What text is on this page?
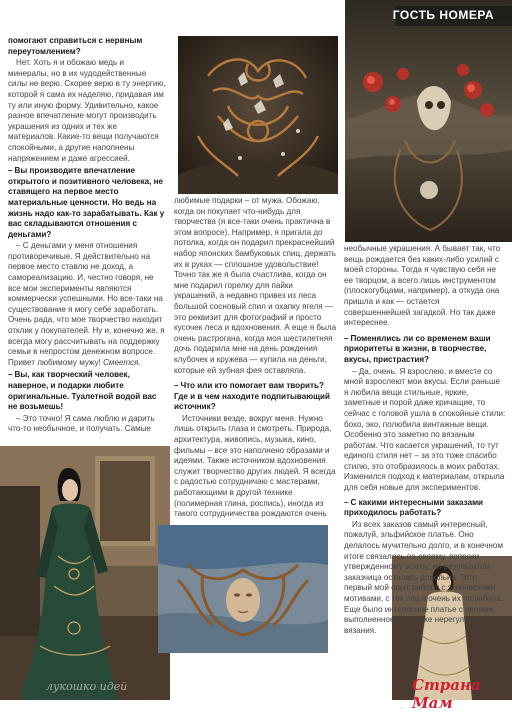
ГОСТЬ НОМЕРА

помогают справиться с нервным переутомлением?

Нет. Хоть я и обожаю медь и минералы, но в их чудодейственные силы не верю. Скорее верю в ту энергию, которой я сама их наделяю, придавая им ту или иную форму. Удивительно, какое разное впечатление могут производить украшения из одних и тех же материалов. Какие-то вещи получаются спокойными, а другие наполнены напряжением и даже агрессией.

– Вы производите впечатление открытого и позитивного человека, не ставящего на первое место материальные ценности. Но ведь на жизнь надо как-то зарабатывать. Как у вас складываются отношения с деньгами?

– С деньгами у меня отношения противоречивые. Я действительно на первое место ставлю не доход, а самореализацию. И, честно говоря, не все мои эксперименты являются коммерчески успешными. Но все-таки на существование я могу себе заработать. Очень рада, что мое творчество находит отклик у покупателей. Ну и, конечно же, я всегда могу рассчитывать на поддержку семьи в непростом денежном вопросе. Привет любимому мужу! Смеется.

– Вы, как творческий человек, наверное, и подарки любите оригинальные. Туалетной водой вас не возьмешь!

– Это точно! Я сама люблю и дарить что-то необычное, и получать. Самые

любимые подарки – от мужа. Обожаю, когда он покупает что-нибудь для творчества (я все-таки очень практична в этом вопросе). Например, я пригала до потолка, когда он подарил прекраснейший набор японских бамбуковых спиц, держать их в руках — сплошное удовольствие! Точно так же я была счастлива, когда он мне подарил горелку для пайки украшений, а недавно привез из леса большой сосновый спил и охапку ягеля — это реквизит для фотографий и просто кусочек леса и вдохновения. А еще я была очень растрогана, когда моя шестилетняя дочь подарила мне на день рождения клубочек и кружева — купила на деньги, которые ей зубная фея оставляла.

– Что или кто помогает вам творить? Где и в чем находите подпитывающий источник?

Источники везде, вокруг меня. Нужно лишь открыть глаза и смотреть. Природа, архитектура, живопись, музыка, кино, фильмы – все это наполнено образами и идеями. Также источником вдохновения служит творчество других людей. Я всегда с радостью сотрудничаю с мастерами, работающими в другой технике (полимерная глина, роспись), иногда из такого сотрудничества рождаются очень

необычные украшения. А бывает так, что вещь рождается без каких-либо усилий с моей стороны. Тогда я чувствую себя не ее творцом, а всего лишь инструментом (плоскогубцами, например), а откуда она пришла и как — остается совершеннейшей загадкой. Но так даже интереснее.

– Поменялись ли со временем ваши приоритеты в жизни, в творчестве, вкусы, пристрастия?

– Да, очень. Я взрослею, и вместе со мной взрослеют мои вкусы. Если раньше я любила вещи стильные, яркие, заметные и порой даже кричащие, то сейчас с головой ушла в спокойные стили: бохо, эко, полюбила винтажные вещи. Особенно это заметно по вязаным работам. Что касается украшений, то тут единого стиля нет – за это тоже спасибо стилю, это отобразилось в моих работах. Изменился подход к материалам, открыла для себя новые для экспериментов.

– С какими интересными заказами приходилось работать?

Из всех заказов самый интересный, пожалуй, эльфийское платье. Оно делалось мучительно долго, и в конечном итоге связалось по-своему, вопреки утвержденному эскизу, но результатом заказчица осталась довольна. Этот первый мой опыт работы с этническими мотивами, с тех пор я очень их полюбила. Еще было интересное платье с цепями, выполненное в технике нерегулярного вязания.

лукошко идей	Страна Мам
